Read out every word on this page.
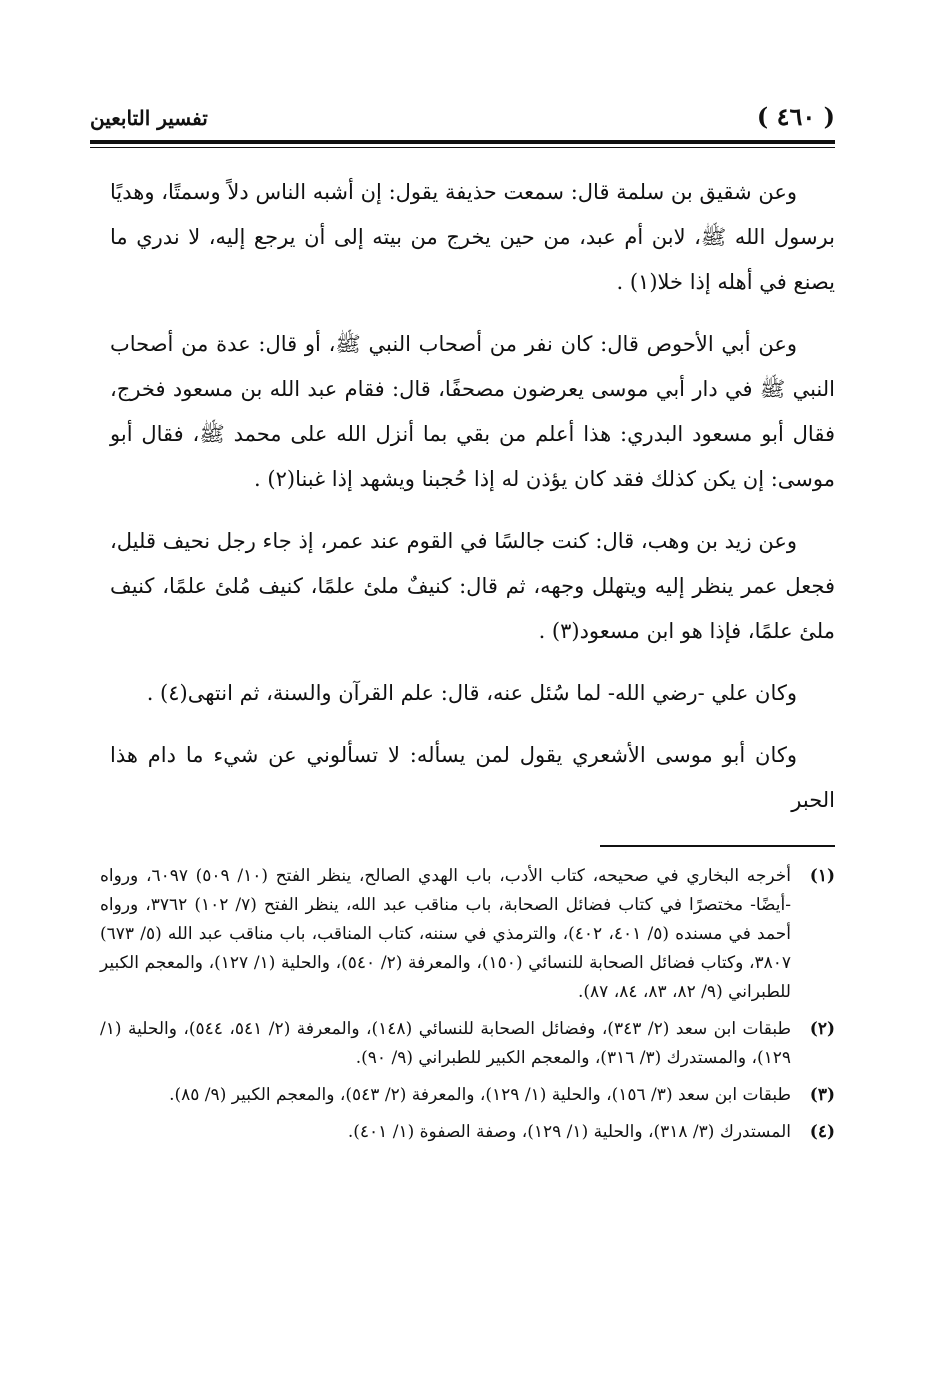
( ٤٦٠ )
تفسير التابعين

وعن شقيق بن سلمة قال: سمعت حذيفة يقول: إن أشبه الناس دلاً وسمتًا، وهديًا برسول الله ﷺ، لابن أم عبد، من حين يخرج من بيته إلى أن يرجع إليه، لا ندري ما يصنع في أهله إذا خلا(١) .

وعن أبي الأحوص قال: كان نفر من أصحاب النبي ﷺ، أو قال: عدة من أصحاب النبي ﷺ في دار أبي موسى يعرضون مصحفًا، قال: فقام عبد الله بن مسعود فخرج، فقال أبو مسعود البدري: هذا أعلم من بقي بما أنزل الله على محمد ﷺ، فقال أبو موسى: إن يكن كذلك فقد كان يؤذن له إذا حُجبنا ويشهد إذا غبنا(٢) .

وعن زيد بن وهب، قال: كنت جالسًا في القوم عند عمر، إذ جاء رجل نحيف قليل، فجعل عمر ينظر إليه ويتهلل وجهه، ثم قال: كنيفٌ ملئ علمًا، كنيف مُلئ علمًا، كنيف ملئ علمًا، فإذا هو ابن مسعود(٣) .

وكان علي -رضي الله- لما سُئل عنه، قال: علم القرآن والسنة، ثم انتهى(٤) .

وكان أبو موسى الأشعري يقول لمن يسأله: لا تسألوني عن شيء ما دام هذا الحبر

(١)
أخرجه البخاري في صحيحه، كتاب الأدب، باب الهدي الصالح، ينظر الفتح (١٠/ ٥٠٩) ٦٠٩٧، ورواه -أيضًا- مختصرًا في كتاب فضائل الصحابة، باب مناقب عبد الله، ينظر الفتح (٧/ ١٠٢) ٣٧٦٢، ورواه أحمد في مسنده (٥/ ٤٠١، ٤٠٢)، والترمذي في سننه، كتاب المناقب، باب مناقب عبد الله (٥/ ٦٧٣) ٣٨٠٧، وكتاب فضائل الصحابة للنسائي (١٥٠)، والمعرفة (٢/ ٥٤٠)، والحلية (١/ ١٢٧)، والمعجم الكبير للطبراني (٩/ ٨٢، ٨٣، ٨٤، ٨٧).
(٢)
طبقات ابن سعد (٢/ ٣٤٣)، وفضائل الصحابة للنسائي (١٤٨)، والمعرفة (٢/ ٥٤١، ٥٤٤)، والحلية (١/ ١٢٩)، والمستدرك (٣/ ٣١٦)، والمعجم الكبير للطبراني (٩/ ٩٠).
(٣)
طبقات ابن سعد (٣/ ١٥٦)، والحلية (١/ ١٢٩)، والمعرفة (٢/ ٥٤٣)، والمعجم الكبير (٩/ ٨٥).
(٤)
المستدرك (٣/ ٣١٨)، والحلية (١/ ١٢٩)، وصفة الصفوة (١/ ٤٠١).
